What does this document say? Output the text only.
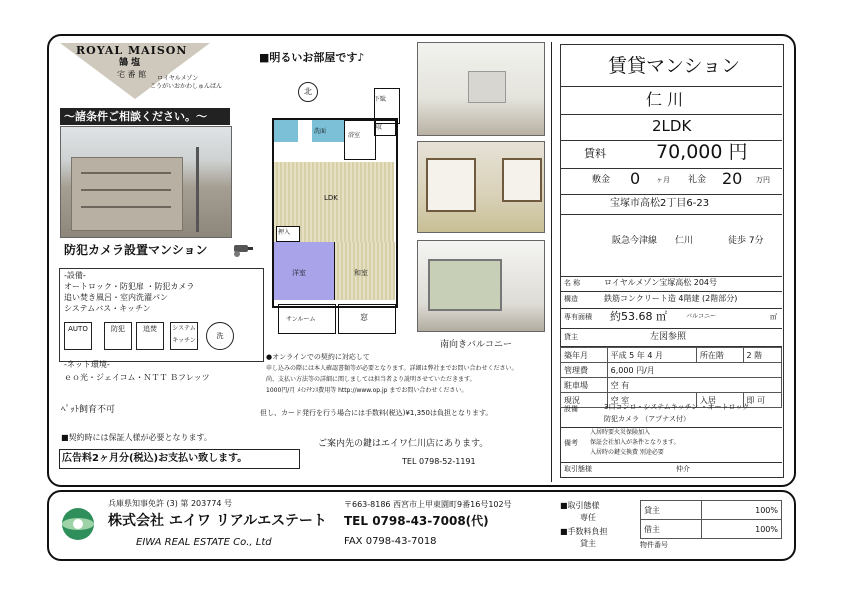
ROYAL MAISON
鵠 塩
宅 番 館 ロイヤルメゾン
こうがいおかわしゅんばん
〜諸条件ご相談ください。〜
防犯カメラ設置マンション
-設備-
オートロック・防犯扉 ・防犯カメラ
追い焚き風呂・室内洗濯パン
システムバス・キッチン
AUTO	防犯	追焚	システムキッチン
洗
-ネット環境-
ｅｏ光・ジェイコム・ＮＴＴ Ｂフレッツ
ﾍﾟｯﾄ飼育不可
■契約時には保証人様が必要となります。
広告料2ヶ月分(税込)お支払い致します。
■明るいお部屋です♪
北
下駄
洗面
浴室
収
LDK
押入
洋室	和室
サンルーム	窓
南向きバルコニー
●オンラインでの契約に対応して
申し込みの際には本人確認書類等が必要となります。詳細は弊社までお問い合わせください。
尚、支払い方法等の詳細に関しましては担当者より説明させていただきます。
1000円/月 ﾒｲﾝﾃﾅﾝｽ費用等 http://www.op.jp までお問い合わせください。
但し、カード発行を行う場合には手数料(税込)¥1,350は負担となります。
ご案内先の鍵はエイワ仁川店にあります。
TEL 0798-52-1191
賃貸マンション
仁 川
2LDK
賃料	70,000 円
敷金 0 ヶ月 礼金 20 万円
宝塚市高松2丁目6-23
阪急今津線 仁川	徒歩 7分
名 称	ロイヤルメゾン宝塚高松 204号
構造	鉄筋コンクリート造 4階建 (2階部分)
専有面積 約53.68 ㎡	バルコニー	㎡
貸主	左図参照
築年月	平成 5 年 4 月	所在階	2 階
管理費	6,000 円/月		
駐車場	空 有		
現況	空 室	入居	即 可
設備	3口コンロ・システムキッチン ・オートロック
防犯カメラ （アプナス付）
備考
入居時要火災保険加入
保証会社加入が条件となります。
入居時の鍵交換費 別途必要
取引態様	仲介
兵庫県知事免許 (3) 第 203774 号
株式会社 エイワ リアルエステート
EIWA REAL ESTATE Co., Ltd
〒663-8186 西宮市上甲東園町9番16号102号
TEL 0798-43-7008(代)
FAX 0798-43-7018
■取引態様
専任
■手数料負担
貸主
貸主	100%
借主	100%
物件番号
